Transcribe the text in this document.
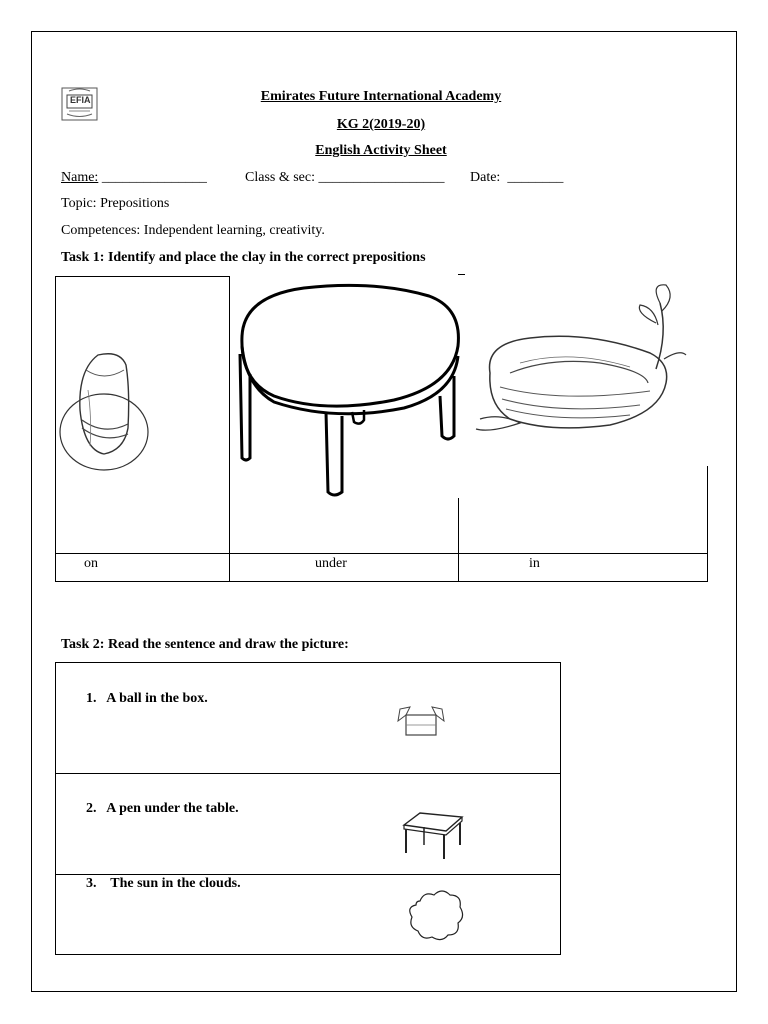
EFIA	Emirates Future International Academy
KG 2(2019-20)
English Activity Sheet
Name: _______________	Class & sec: __________________ Date:  ________
Topic: Prepositions
Competences: Independent learning, creativity.
Task 1: Identify and place the clay in the correct prepositions
on	under	in
Task 2: Read the sentence and draw the picture:
1. A ball in the box.
2. A pen under the table.
3. The sun in the clouds.
